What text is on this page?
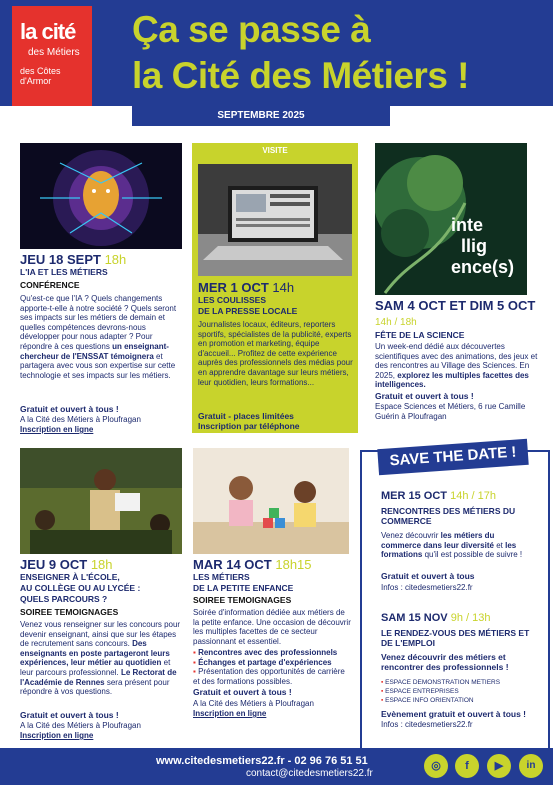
la cité
des Métiers
des Côtes d'Armor
Ça se passe à
la Cité des Métiers !
SEPTEMBRE 2025
JEU 18 SEPT 18h
L'IA ET LES MÉTIERS
CONFÉRENCE
Qu'est-ce que l'IA ? Quels changements apporte-t-elle à notre société ? Quels seront ses impacts sur les métiers de demain et quelles compétences devrons-nous développer pour nous adapter ? Pour répondre à ces questions un enseignant-chercheur de l'ENSSAT témoignera et partagera avec vous son expertise sur cette technologie et ses impacts sur les métiers.
Gratuit et ouvert à tous !
A la Cité des Métiers à Ploufragan
Inscription en ligne
VISITE
MER 1 OCT 14h
LES COULISSES
DE LA PRESSE LOCALE
Journalistes locaux, éditeurs, reporters sportifs, spécialistes de la publicité, experts en promotion et marketing, équipe d'accueil... Profitez de cette expérience auprès des professionnels des médias pour en apprendre davantage sur leurs métiers, leur quotidien, leurs formations...
Gratuit - places limitées
Inscription par téléphone
inte
llig
ence(s)
SAM 4 OCT ET DIM 5 OCT
14h / 18h
FÊTE DE LA SCIENCE
Un week-end dédié aux découvertes scientifiques avec des animations, des jeux et des rencontres au Village des Sciences. En 2025, explorez les multiples facettes des intelligences.
Gratuit et ouvert à tous !
Espace Sciences et Métiers, 6 rue Camille Guérin à Ploufragan
JEU 9 OCT 18h
ENSEIGNER À L'ÉCOLE,
AU COLLÈGE OU AU LYCÉE :
QUELS PARCOURS ?
SOIREE TEMOIGNAGES
Venez vous renseigner sur les concours pour devenir enseignant, ainsi que sur les étapes de recrutement sans concours. Des enseignants en poste partageront leurs expériences, leur métier au quotidien et leur parcours professionnel. Le Rectorat de l'Académie de Rennes sera présent pour répondre à vos questions.
Gratuit et ouvert à tous !
A la Cité des Métiers à Ploufragan
Inscription en ligne
MAR 14 OCT 18h15
LES MÉTIERS
DE LA PETITE ENFANCE
SOIREE TEMOIGNAGES
Soirée d'information dédiée aux métiers de la petite enfance. Une occasion de découvrir les multiples facettes de ce secteur passionnant et essentiel.
▪ Rencontres avec des professionnels
▪ Échanges et partage d'expériences
▪ Présentation des opportunités de carrière et des formations possibles.
Gratuit et ouvert à tous !
A la Cité des Métiers à Ploufragan
Inscription en ligne
SAVE THE DATE !
MER 15 OCT 14h / 17h
RENCONTRES DES MÉTIERS DU COMMERCE
Venez découvrir les métiers du commerce dans leur diversité et les formations qu'il est possible de suivre !
Gratuit et ouvert à tous
Infos : citedesmetiers22.fr
SAM 15 NOV 9h / 13h
LE RENDEZ-VOUS DES MÉTIERS ET DE L'EMPLOI
Venez découvrir des métiers et rencontrer des professionnels !
▪ ESPACE DEMONSTRATION METIERS
▪ ESPACE ENTREPRISES
▪ ESPACE INFO ORIENTATION
Evènement gratuit et ouvert à tous !
Infos : citedesmetiers22.fr
www.citedesmetiers22.fr - 02 96 76 51 51
contact@citedesmetiers22.fr
◎	f	▶	in
